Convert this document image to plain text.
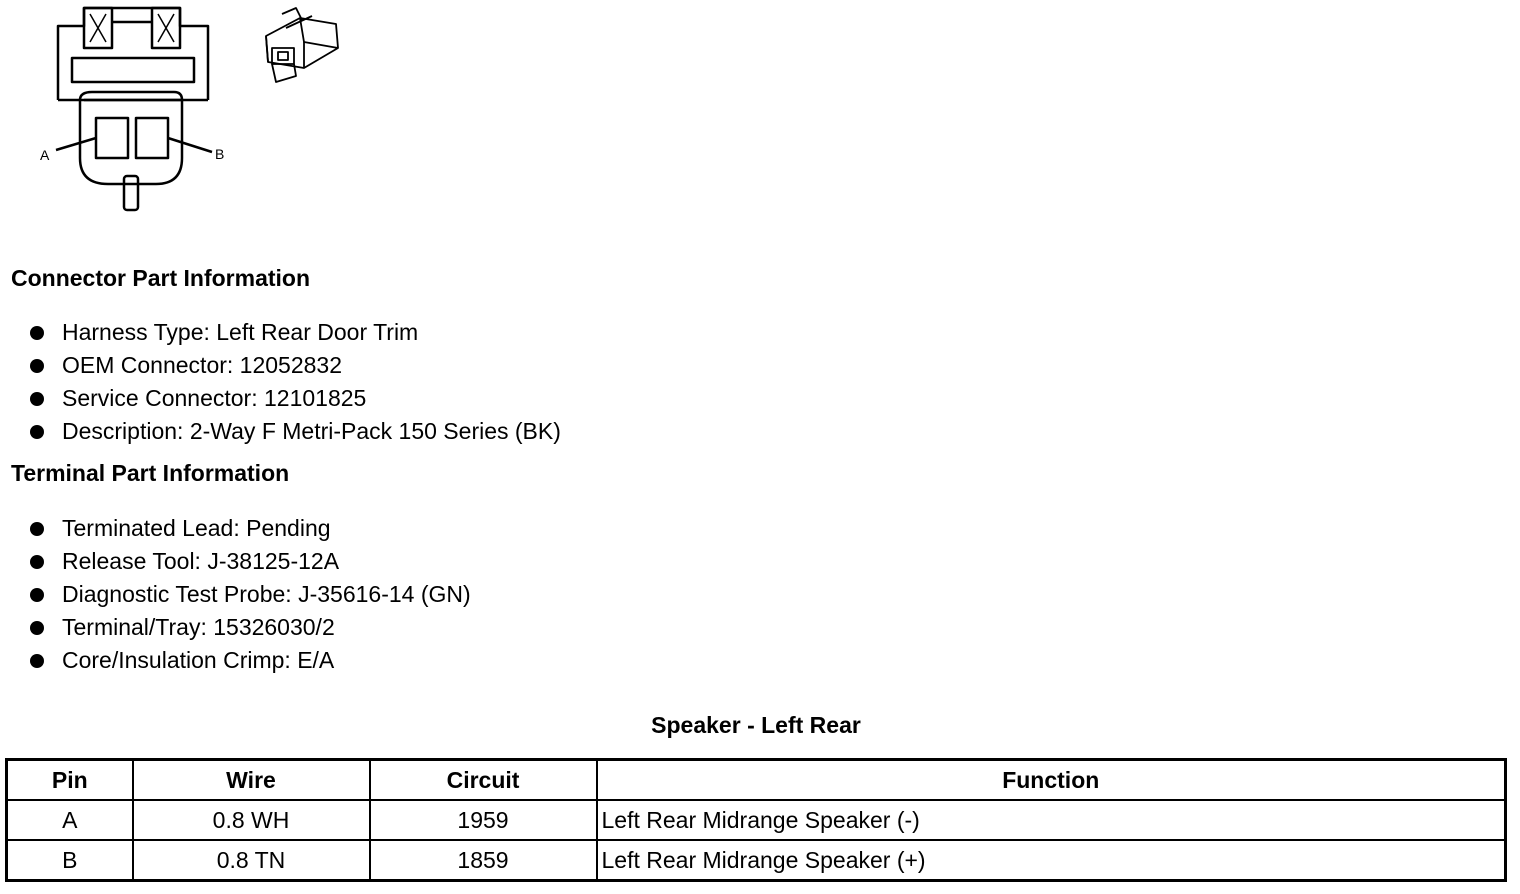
A	B
Connector Part Information
Harness Type: Left Rear Door Trim
OEM Connector: 12052832
Service Connector: 12101825
Description: 2-Way F Metri-Pack 150 Series (BK)
Terminal Part Information
Terminated Lead: Pending
Release Tool: J-38125-12A
Diagnostic Test Probe: J-35616-14 (GN)
Terminal/Tray: 15326030/2
Core/Insulation Crimp: E/A
Speaker - Left Rear
Pin	Wire	Circuit	Function
A	0.8 WH	1959	Left Rear Midrange Speaker (-)
B	0.8 TN	1859	Left Rear Midrange Speaker (+)
